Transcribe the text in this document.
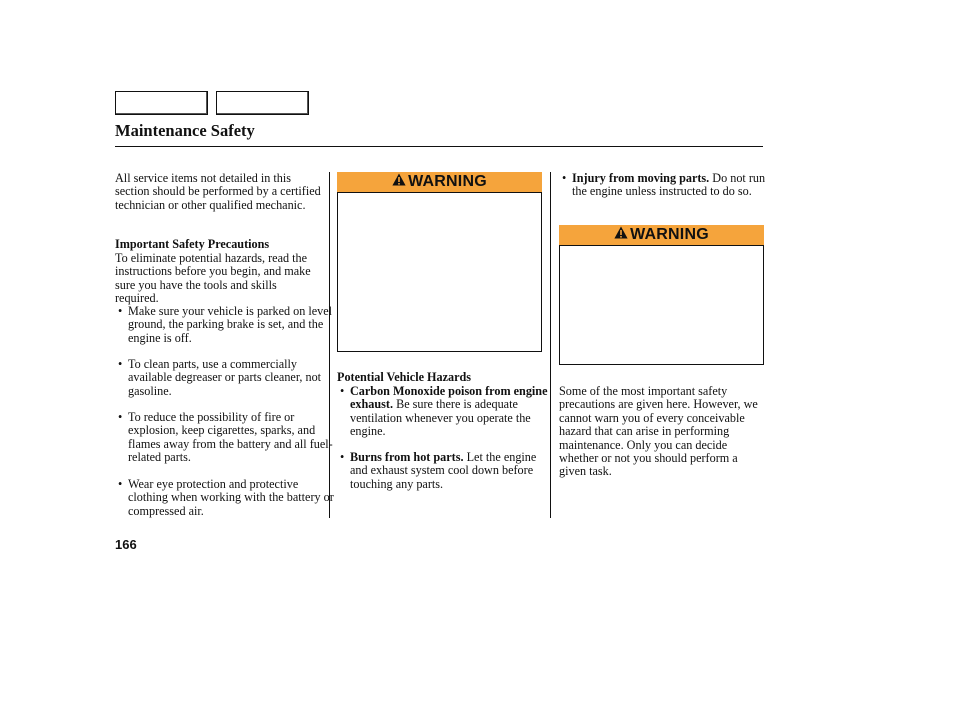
Maintenance Safety

All service items not detailed in this section should be performed by a certified technician or other qualified mechanic.

Important Safety Precautions

To eliminate potential hazards, read the instructions before you begin, and make sure you have the tools and skills required.

• Make sure your vehicle is parked on level ground, the parking brake is set, and the engine is off.

• To clean parts, use a commercially available degreaser or parts cleaner, not gasoline.

• To reduce the possibility of fire or explosion, keep cigarettes, sparks, and flames away from the battery and all fuel-related parts.

• Wear eye protection and protective clothing when working with the battery or compressed air.

WARNING

Potential Vehicle Hazards

• Carbon Monoxide poison from engine exhaust. Be sure there is adequate ventilation whenever you operate the engine.

• Burns from hot parts. Let the engine and exhaust system cool down before touching any parts.

• Injury from moving parts. Do not run the engine unless instructed to do so.

WARNING

Some of the most important safety precautions are given here. However, we cannot warn you of every conceivable hazard that can arise in performing maintenance. Only you can decide whether or not you should perform a given task.

166
